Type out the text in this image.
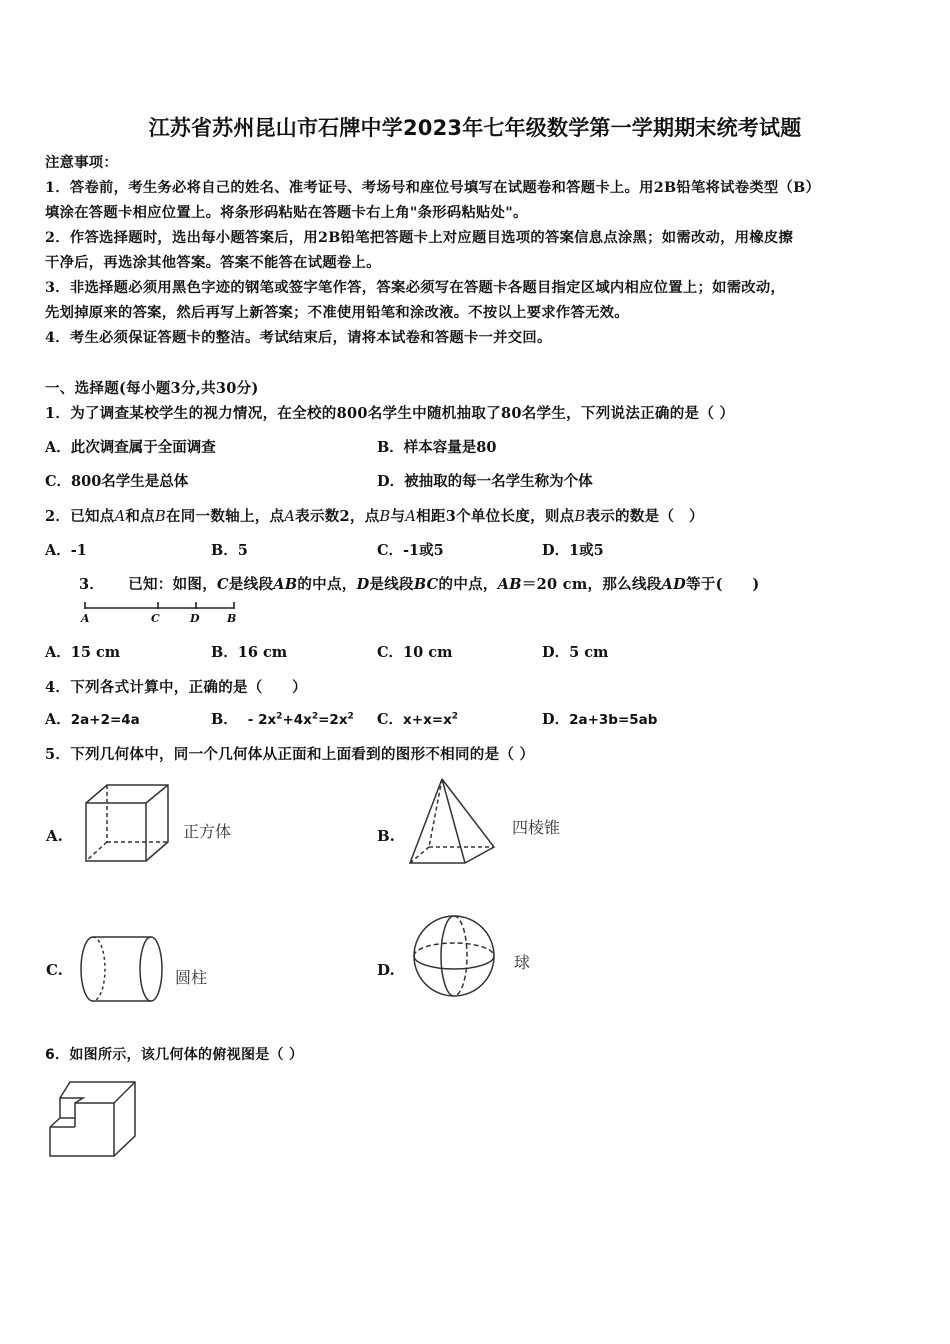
江苏省苏州昆山市石牌中学2023年七年级数学第一学期期末统考试题
注意事项：
1．答卷前，考生务必将自己的姓名、准考证号、考场号和座位号填写在试题卷和答题卡上。用2B铅笔将试卷类型（B）
填涂在答题卡相应位置上。将条形码粘贴在答题卡右上角"条形码粘贴处"。
2．作答选择题时，选出每小题答案后，用2B铅笔把答题卡上对应题目选项的答案信息点涂黑；如需改动，用橡皮擦
干净后，再选涂其他答案。答案不能答在试题卷上。
3．非选择题必须用黑色字迹的钢笔或签字笔作答，答案必须写在答题卡各题目指定区域内相应位置上；如需改动，
先划掉原来的答案，然后再写上新答案；不准使用铅笔和涂改液。不按以上要求作答无效。
4．考生必须保证答题卡的整洁。考试结束后，请将本试卷和答题卡一并交回。
一、选择题(每小题3分,共30分)
1．为了调查某校学生的视力情况，在全校的800名学生中随机抽取了80名学生，下列说法正确的是（ ）
A．此次调查属于全面调查	B．样本容量是80
C．800名学生是总体	D．被抽取的每一名学生称为个体
2．已知点A和点B在同一数轴上，点A表示数2，点B与A相距3个单位长度，则点B表示的数是（　）
A．-1	B．5	C．-1或5	D．1或5
3． 已知：如图，C是线段AB的中点，D是线段BC的中点，AB＝20 cm，那么线段AD等于(　　)
A	C	D B
A．15 cm	B．16 cm	C．10 cm	D．5 cm
4．下列各式计算中，正确的是（　　）
A．2a+2=4a	B． - $2x^2+4x^2=2x^2$ C．$x+x=x^2$	D．2a+3b=5ab
5．下列几何体中，同一个几何体从正面和上面看到的图形不相同的是（ ）
A.	正方体	B.	四棱锥
C.	圆柱	D.	球
6．如图所示，该几何体的俯视图是（ ）
